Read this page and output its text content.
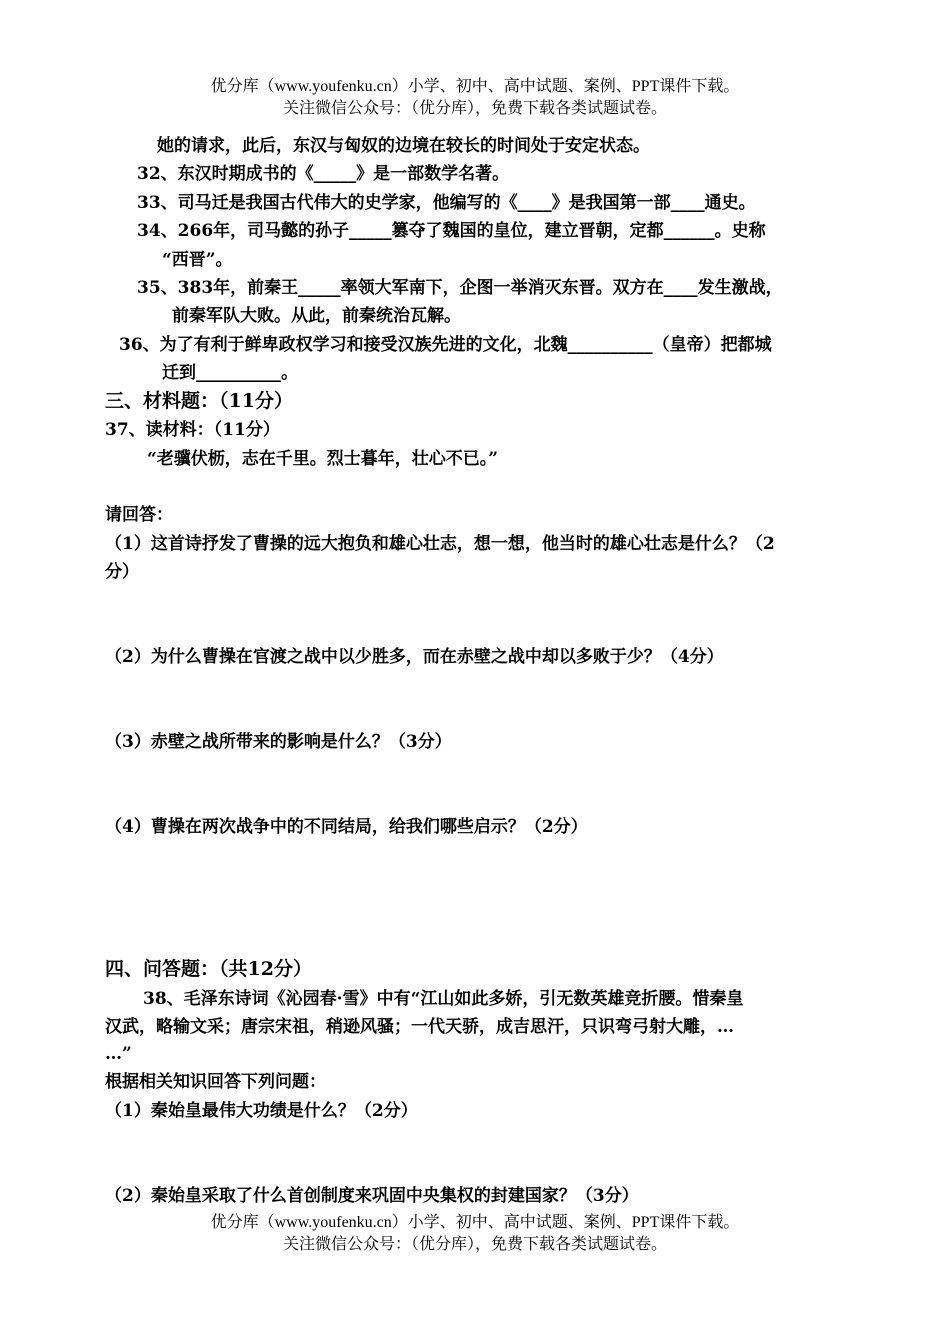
优分库（www.youfenku.cn）小学、初中、高中试题、案例、PPT课件下载。
关注微信公众号：（优分库），免费下载各类试题试卷。
她的请求，此后，东汉与匈奴的边境在较长的时间处于安定状态。
32、东汉时期成书的《_____》是一部数学名著。
33、司马迁是我国古代伟大的史学家，他编写的《____》是我国第一部____通史。
34、266年，司马懿的孙子_____篡夺了魏国的皇位，建立晋朝，定都______。史称
“西晋”。
35、383年，前秦王_____率领大军南下，企图一举消灭东晋。双方在____发生激战，
前秦军队大败。从此，前秦统治瓦解。
36、为了有利于鲜卑政权学习和接受汉族先进的文化，北魏__________（皇帝）把都城
迁到__________。
三、材料题：（11分）
37、读材料：（11分）
“老骥伏枥，志在千里。烈士暮年，壮心不已。”
请回答：
（1）这首诗抒发了曹操的远大抱负和雄心壮志，想一想，他当时的雄心壮志是什么？（2
分）
（2）为什么曹操在官渡之战中以少胜多，而在赤壁之战中却以多败于少？（4分）
（3）赤壁之战所带来的影响是什么？（3分）
（4）曹操在两次战争中的不同结局，给我们哪些启示？（2分）
四、问答题：（共12分）
38、毛泽东诗词《沁园春·雪》中有“江山如此多娇，引无数英雄竞折腰。惜秦皇
汉武，略输文采；唐宗宋祖，稍逊风骚；一代天骄，成吉思汗，只识弯弓射大雕，…
…”
根据相关知识回答下列问题：
（1）秦始皇最伟大功绩是什么？（2分）
（2）秦始皇采取了什么首创制度来巩固中央集权的封建国家？（3分）
优分库（www.youfenku.cn）小学、初中、高中试题、案例、PPT课件下载。
关注微信公众号：（优分库），免费下载各类试题试卷。
